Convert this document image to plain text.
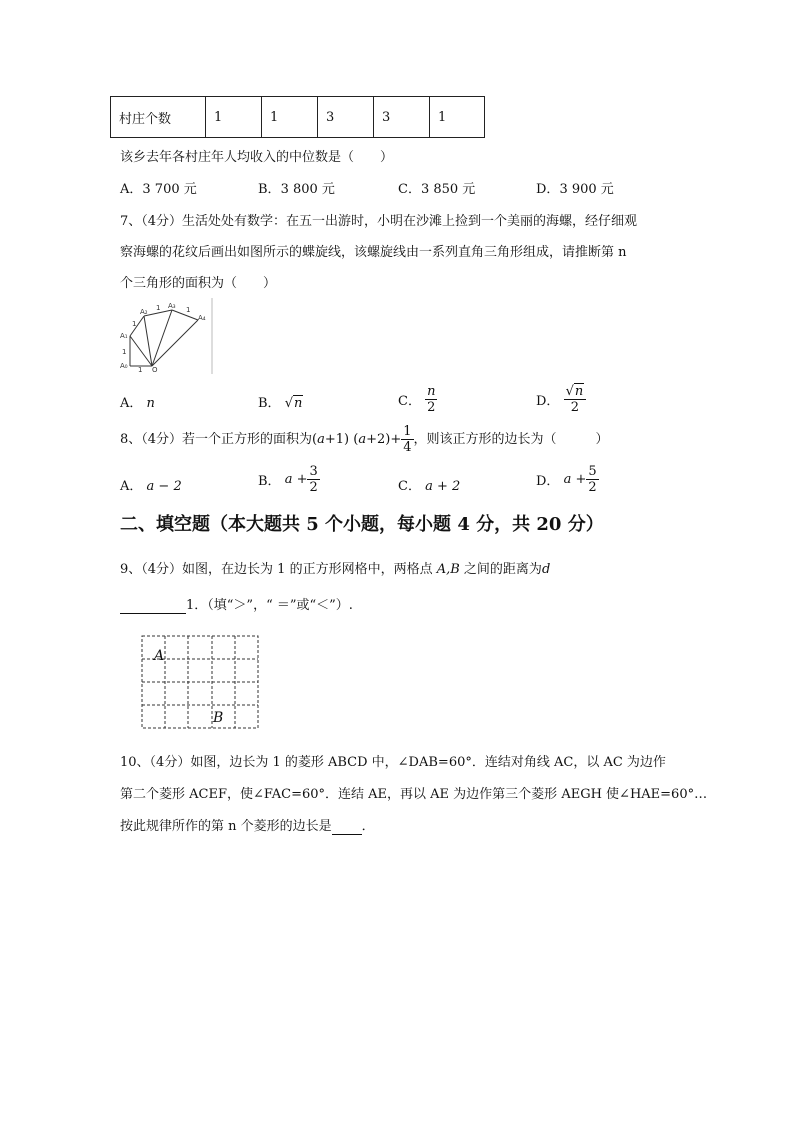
村庄个数	1	1	3	3	1
该乡去年各村庄年人均收入的中位数是（　　）
A．3 700 元	B．3 800 元	C．3 850 元	D．3 900 元
7、（4分）生活处处有数学：在五一出游时，小明在沙滩上捡到一个美丽的海螺，经仔细观
察海螺的花纹后画出如图所示的蝶旋线，该螺旋线由一系列直角三角形组成，请推断第 n
个三角形的面积为（　　）
A₀
A₁
A₂
A₃
A₄
O
1
1
1
1	1
A． n	B． √n	C． $\frac{n}{2}$	D． $\frac{√n}{2}$
8、（4分）若一个正方形的面积为(a+1) $(a+2)+ \frac{1}{4}$，则该正方形的边长为（　　　）
A． a − 2	B． $a + \frac{3}{2}$	C． a + 2	D． $a + \frac{5}{2}$
二、填空题（本大题共 5 个小题，每小题 4 分，共 20 分）
9、（4分）如图，在边长为 1 的正方形网格中，两格点 A,B 之间的距离为d
1．（填“＞”，“ ＝”或“＜”）.
A
B
10、（4分）如图，边长为 1 的菱形 ABCD 中，∠DAB=60°．连结对角线 AC，以 AC 为边作
第二个菱形 ACEF，使∠FAC=60°．连结 AE，再以 AE 为边作第三个菱形 AEGH 使∠HAE=60°…
按此规律所作的第 n 个菱形的边长是 ．
